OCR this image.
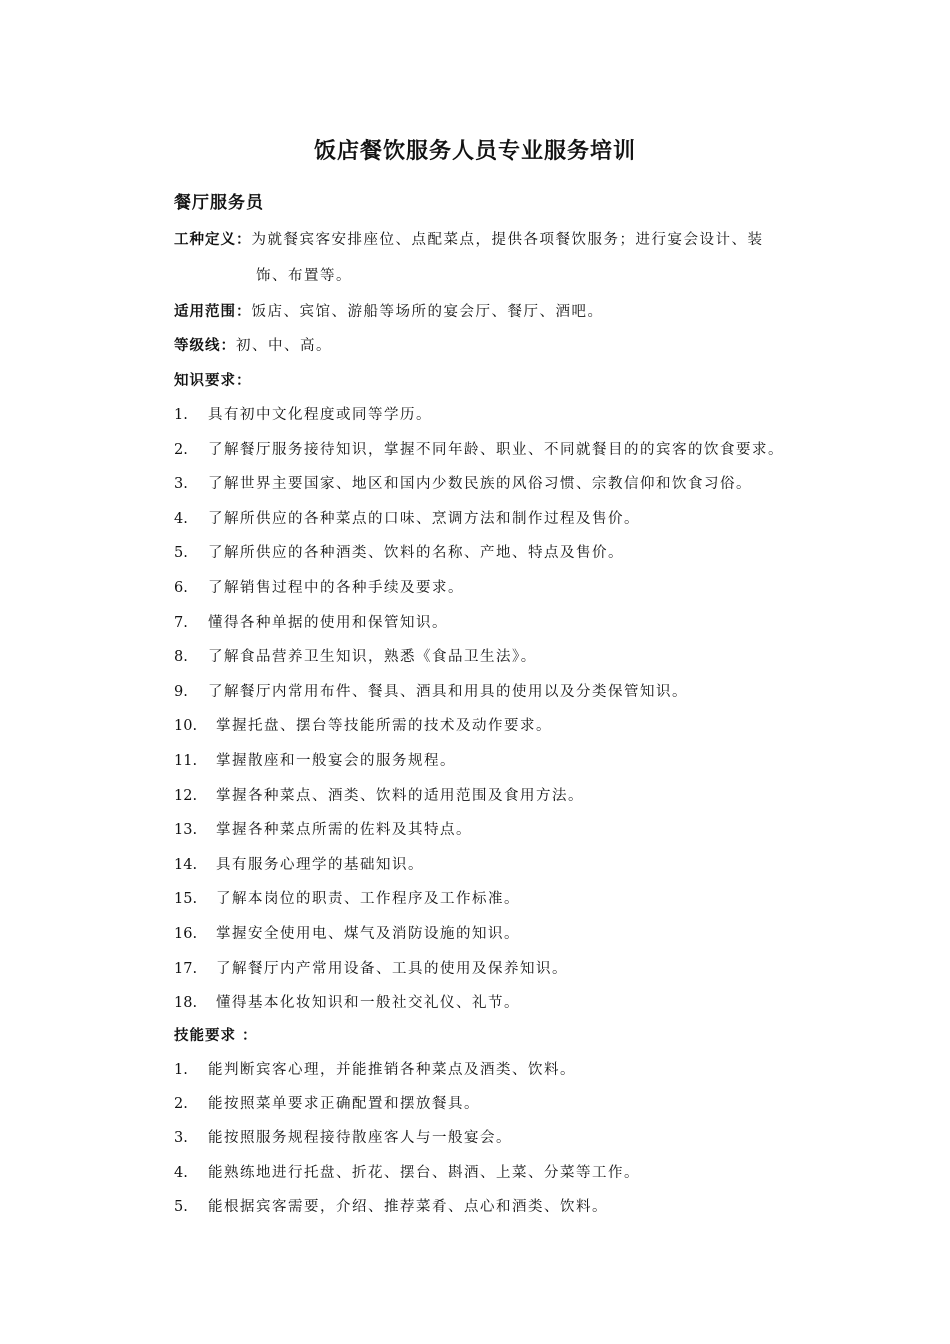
饭店餐饮服务人员专业服务培训
餐厅服务员
工种定义：为就餐宾客安排座位、点配菜点，提供各项餐饮服务；进行宴会设计、装
饰、布置等。
适用范围：饭店、宾馆、游船等场所的宴会厅、餐厅、酒吧。
等级线：初、中、高。
知识要求：
1. 具有初中文化程度或同等学历。
2. 了解餐厅服务接待知识，掌握不同年龄、职业、不同就餐目的的宾客的饮食要求。
3. 了解世界主要国家、地区和国内少数民族的风俗习惯、宗教信仰和饮食习俗。
4. 了解所供应的各种菜点的口味、烹调方法和制作过程及售价。
5. 了解所供应的各种酒类、饮料的名称、产地、特点及售价。
6. 了解销售过程中的各种手续及要求。
7. 懂得各种单据的使用和保管知识。
8. 了解食品营养卫生知识，熟悉《食品卫生法》。
9. 了解餐厅内常用布件、餐具、酒具和用具的使用以及分类保管知识。
10. 掌握托盘、摆台等技能所需的技术及动作要求。
11. 掌握散座和一般宴会的服务规程。
12. 掌握各种菜点、酒类、饮料的适用范围及食用方法。
13. 掌握各种菜点所需的佐料及其特点。
14. 具有服务心理学的基础知识。
15. 了解本岗位的职责、工作程序及工作标准。
16. 掌握安全使用电、煤气及消防设施的知识。
17. 了解餐厅内产常用设备、工具的使用及保养知识。
18. 懂得基本化妆知识和一般社交礼仪、礼节。
技能要求 ：
1. 能判断宾客心理，并能推销各种菜点及酒类、饮料。
2. 能按照菜单要求正确配置和摆放餐具。
3. 能按照服务规程接待散座客人与一般宴会。
4. 能熟练地进行托盘、折花、摆台、斟酒、上菜、分菜等工作。
5. 能根据宾客需要，介绍、推荐菜肴、点心和酒类、饮料。
